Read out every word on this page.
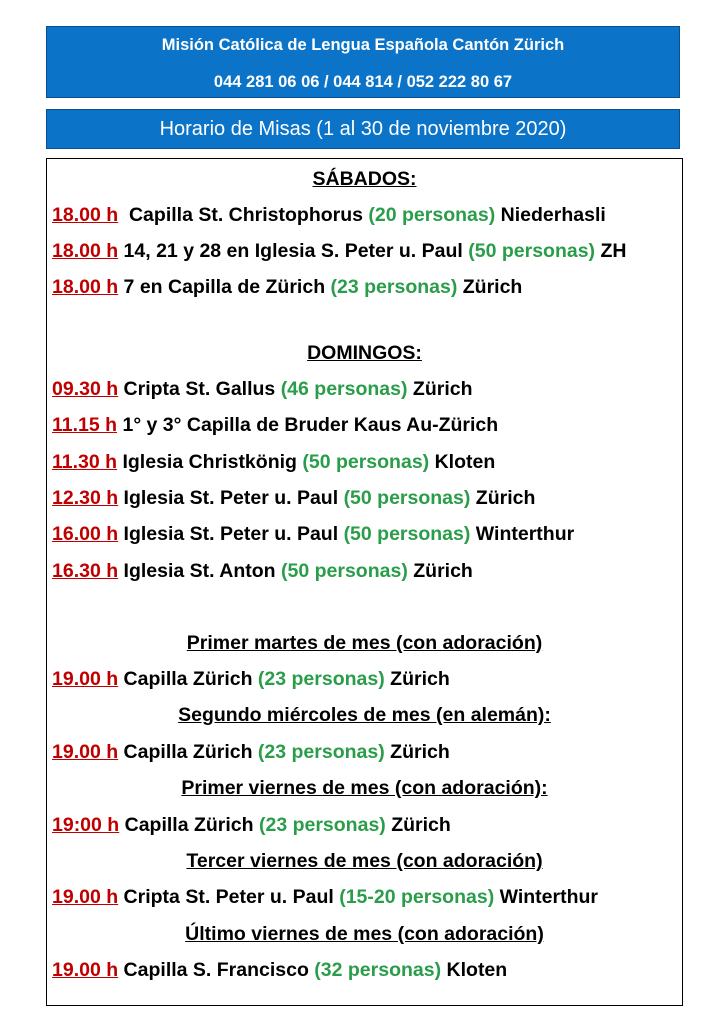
Misión Católica de Lengua Española Cantón Zürich
044 281 06 06 / 044 814 / 052 222 80 67
Horario de Misas (1 al 30 de noviembre 2020)
SÁBADOS:
18.00 h  Capilla St. Christophorus (20 personas) Niederhasli
18.00 h 14, 21 y 28 en Iglesia S. Peter u. Paul (50 personas) ZH
18.00 h 7 en Capilla de Zürich (23 personas) Zürich
DOMINGOS:
09.30 h Cripta St. Gallus (46 personas) Zürich
11.15 h 1° y 3° Capilla de Bruder Kaus Au-Zürich
11.30 h Iglesia Christkönig (50 personas) Kloten
12.30 h Iglesia St. Peter u. Paul (50 personas) Zürich
16.00 h Iglesia St. Peter u. Paul (50 personas) Winterthur
16.30 h Iglesia St. Anton (50 personas) Zürich
Primer martes de mes (con adoración)
19.00 h Capilla Zürich (23 personas) Zürich
Segundo miércoles de mes (en alemán):
19.00 h Capilla Zürich (23 personas) Zürich
Primer viernes de mes (con adoración):
19:00 h Capilla Zürich (23 personas) Zürich
Tercer viernes de mes (con adoración)
19.00 h Cripta St. Peter u. Paul (15-20 personas) Winterthur
Último viernes de mes (con adoración)
19.00 h Capilla S. Francisco (32 personas) Kloten
